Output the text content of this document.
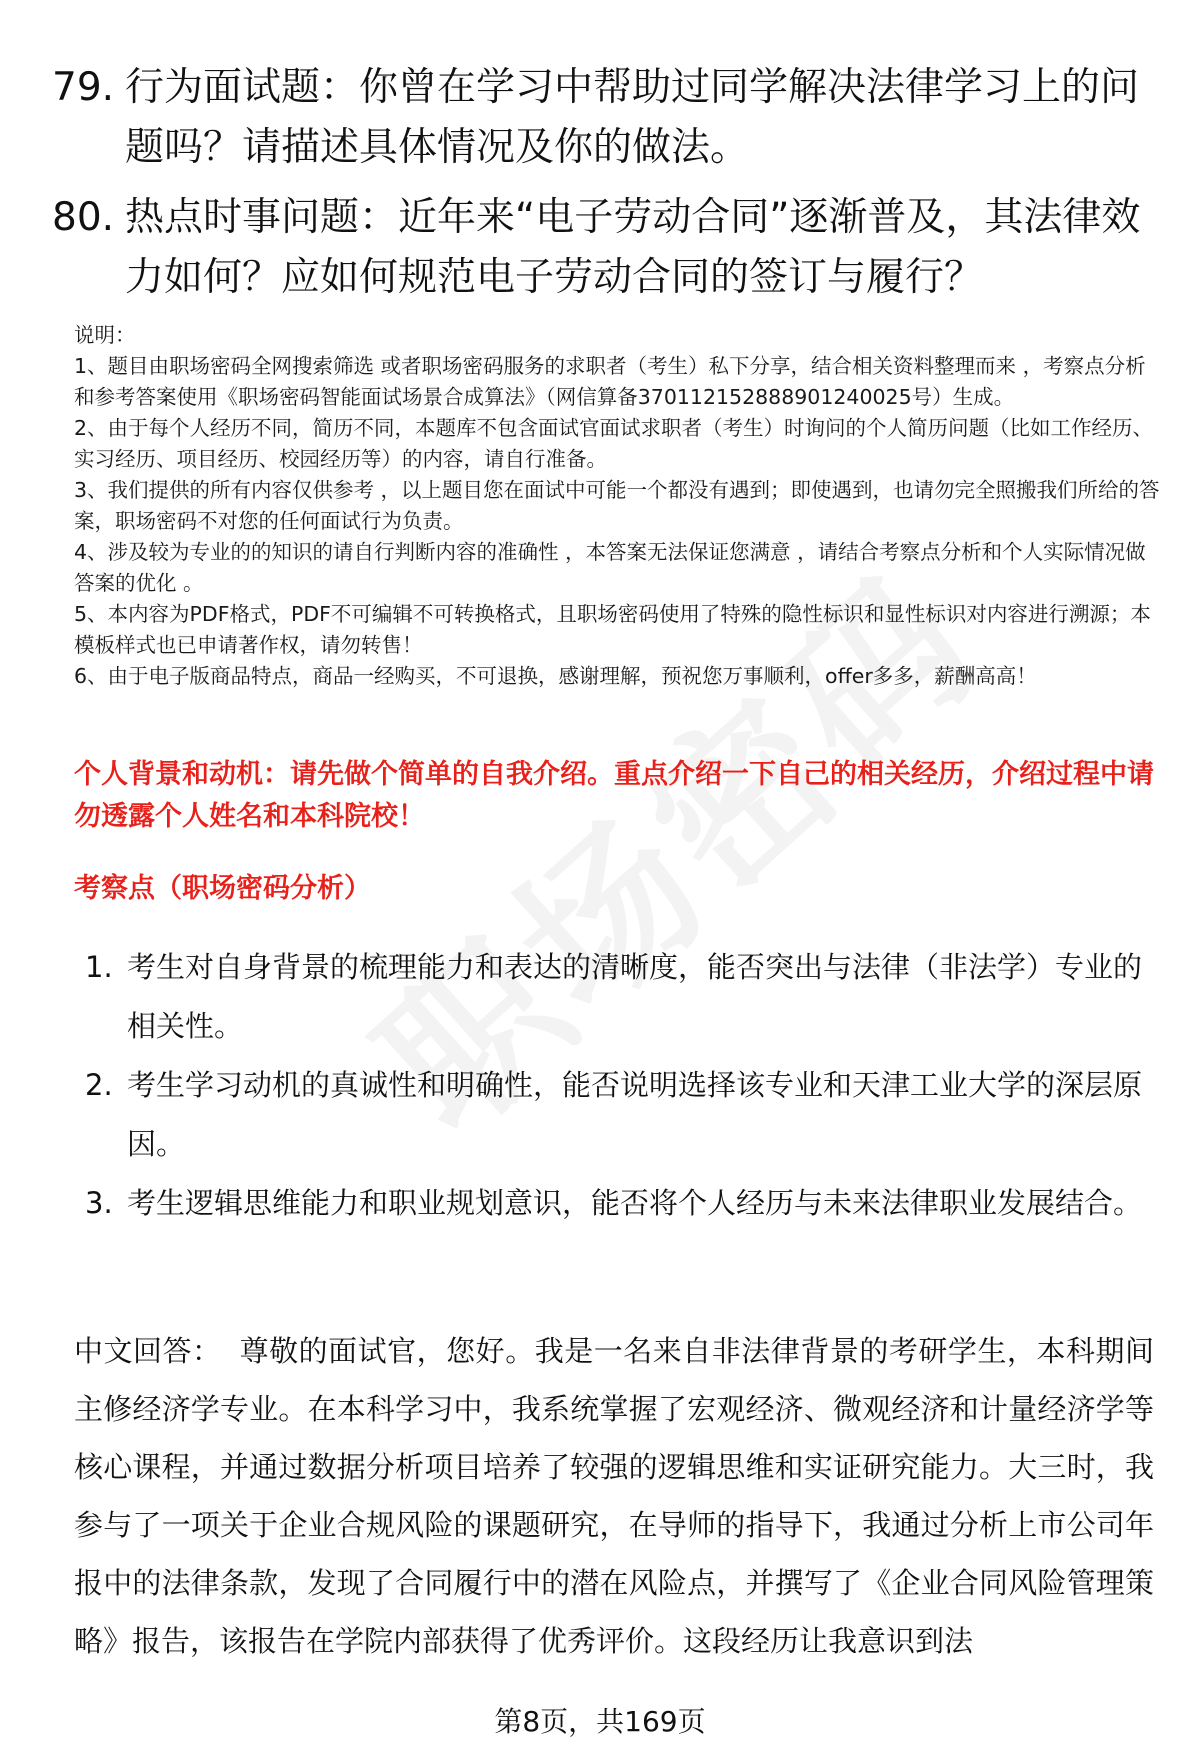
79. 行为面试题：你曾在学习中帮助过同学解决法律学习上的问题吗？请描述具体情况及你的做法。
80. 热点时事问题：近年来“电子劳动合同”逐渐普及，其法律效力如何？应如何规范电子劳动合同的签订与履行？

说明：

1、题目由职场密码全网搜索筛选 或者职场密码服务的求职者（考生）私下分享，结合相关资料整理而来 ，考察点分析和参考答案使用《职场密码智能面试场景合成算法》（网信算备370112152888901240025号）生成。

2、由于每个人经历不同，简历不同，本题库不包含面试官面试求职者（考生）时询问的个人简历问题（比如工作经历、实习经历、项目经历、校园经历等）的内容，请自行准备。

3、我们提供的所有内容仅供参考 ，以上题目您在面试中可能一个都没有遇到；即使遇到，也请勿完全照搬我们所给的答案，职场密码不对您的任何面试行为负责。

4、涉及较为专业的的知识的请自行判断内容的准确性 ，本答案无法保证您满意 ，请结合考察点分析和个人实际情况做答案的优化 。

5、本内容为PDF格式，PDF不可编辑不可转换格式，且职场密码使用了特殊的隐性标识和显性标识对内容进行溯源；本模板样式也已申请著作权，请勿转售！

6、由于电子版商品特点，商品一经购买，不可退换，感谢理解，预祝您万事顺利，offer多多，薪酬高高！

个人背景和动机：请先做个简单的自我介绍。重点介绍一下自己的相关经历，介绍过程中请勿透露个人姓名和本科院校！
考察点（职场密码分析）
1. 考生对自身背景的梳理能力和表达的清晰度，能否突出与法律（非法学）专业的相关性。
2. 考生学习动机的真诚性和明确性，能否说明选择该专业和天津工业大学的深层原因。
3. 考生逻辑思维能力和职业规划意识，能否将个人经历与未来法律职业发展结合。
中文回答： 尊敬的面试官，您好。我是一名来自非法律背景的考研学生，本科期间主修经济学专业。在本科学习中，我系统掌握了宏观经济、微观经济和计量经济学等核心课程，并通过数据分析项目培养了较强的逻辑思维和实证研究能力。大三时，我参与了一项关于企业合规风险的课题研究，在导师的指导下，我通过分析上市公司年报中的法律条款，发现了合同履行中的潜在风险点，并撰写了《企业合同风险管理策略》报告，该报告在学院内部获得了优秀评价。这段经历让我意识到法
第8页，共169页
